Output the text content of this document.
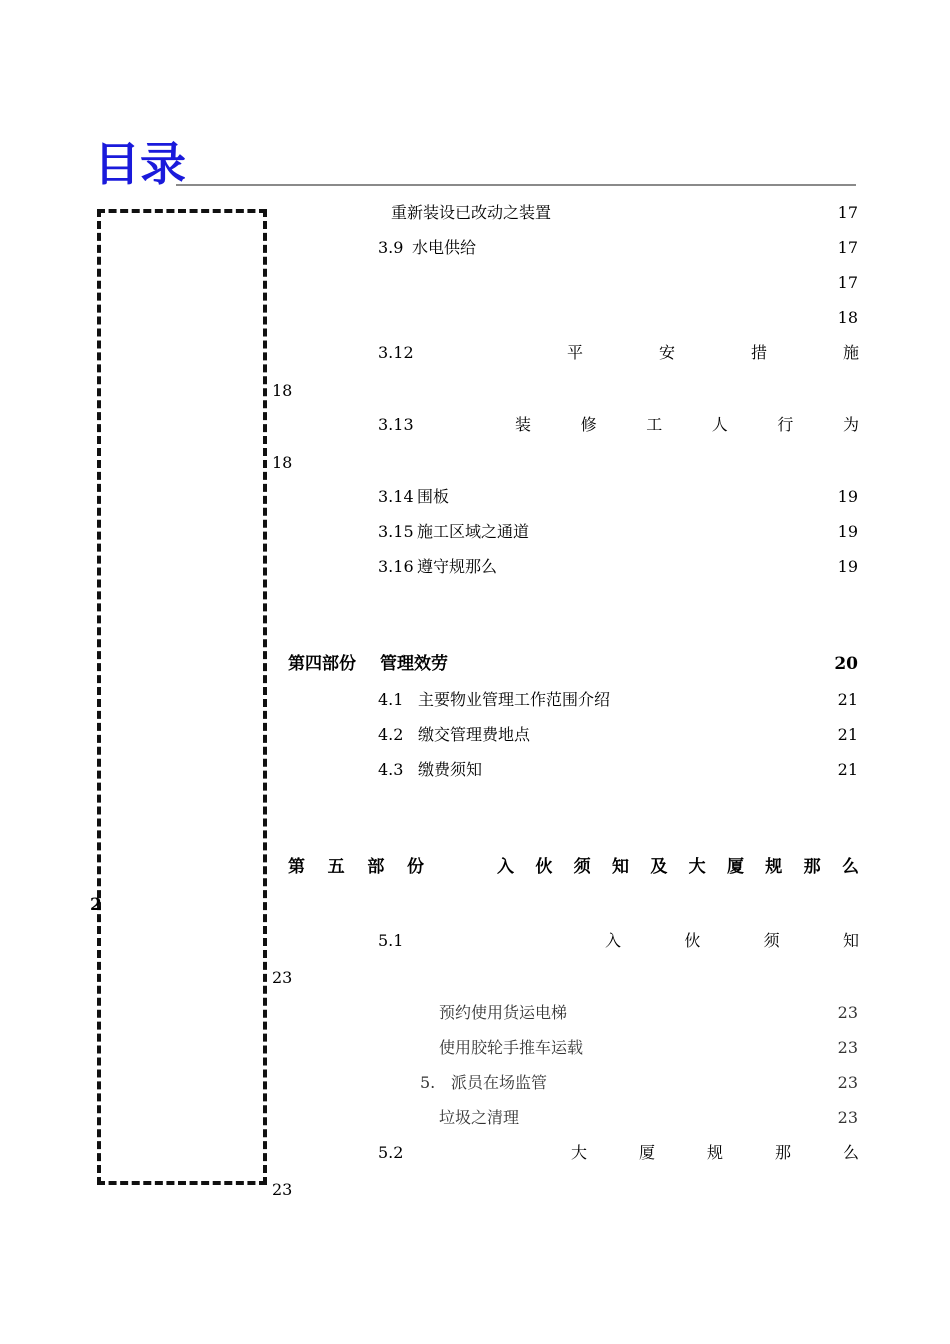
目录
重新装设已改动之装置	17
3.9 水电供给	17
17
18
3.12	平	安	措	施
18
3.13	装	修	工	人	行	为
18
3.14 围板	19
3.15 施工区域之通道	19
3.16 遵守规那么	19
第四部份 管理效劳	20
4.1 主要物业管理工作范围介绍	21
4.2 缴交管理费地点	21
4.3 缴费须知	21
第 五 部 份	入 伙 须 知 及 大 厦 规 那 么
2
5.1	入	伙	须	知
23
预约使用货运电梯	23
使用胶轮手推车运载	23
5. 派员在场监管	23
垃圾之清理	23
5.2	大	厦	规	那	么
23
